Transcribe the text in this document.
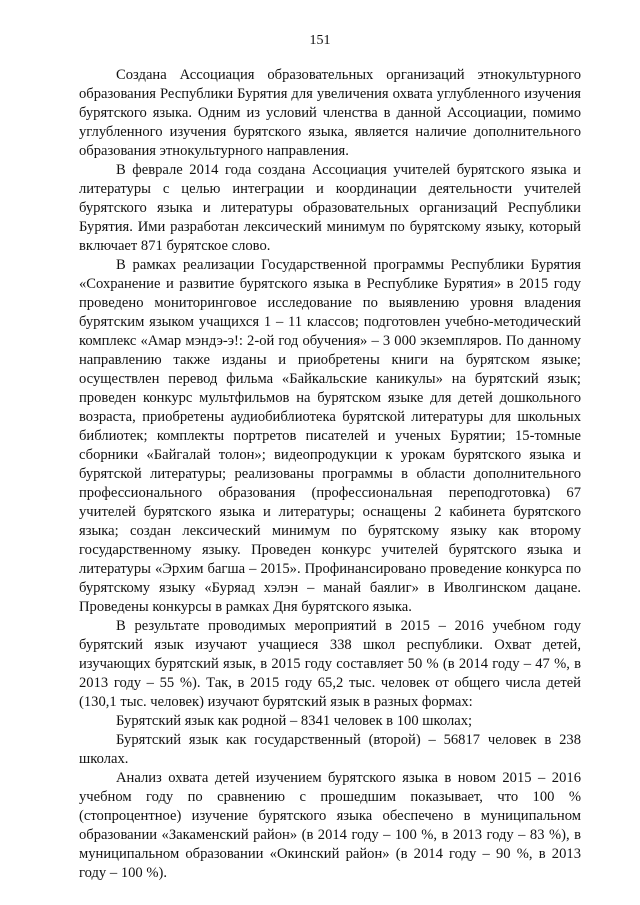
151

Создана Ассоциация образовательных организаций этнокультурного образования Республики Бурятия для увеличения охвата углубленного изучения бурятского языка. Одним из условий членства в данной Ассоциации, помимо углубленного изучения бурятского языка, является наличие дополнительного образования этнокультурного направления.

В феврале 2014 года создана Ассоциация учителей бурятского языка и литературы с целью интеграции и координации деятельности учителей бурятского языка и литературы образовательных организаций Республики Бурятия. Ими разработан лексический минимум по бурятскому языку, который включает 871 бурятское слово.

В рамках реализации Государственной программы Республики Бурятия «Сохранение и развитие бурятского языка в Республике Бурятия» в 2015 году проведено мониторинговое исследование по выявлению уровня владения бурятским языком учащихся 1 – 11 классов; подготовлен учебно-методический комплекс «Амар мэндэ-э!: 2-ой год обучения» – 3 000 экземпляров. По данному направлению также изданы и приобретены книги на бурятском языке; осуществлен перевод фильма «Байкальские каникулы» на бурятский язык; проведен конкурс мультфильмов на бурятском языке для детей дошкольного возраста, приобретены аудиобиблиотека бурятской литературы для школьных библиотек; комплекты портретов писателей и ученых Бурятии; 15-томные сборники «Байгалай толон»; видеопродукции к урокам бурятского языка и бурятской литературы; реализованы программы в области дополнительного профессионального образования (профессиональная переподготовка) 67 учителей бурятского языка и литературы; оснащены 2 кабинета бурятского языка; создан лексический минимум по бурятскому языку как второму государственному языку. Проведен конкурс учителей бурятского языка и литературы «Эрхим багша – 2015». Профинансировано проведение конкурса по бурятскому языку «Буряад хэлэн – манай баялиг» в Иволгинском дацане. Проведены конкурсы в рамках Дня бурятского языка.

В результате проводимых мероприятий в 2015 – 2016 учебном году бурятский язык изучают учащиеся 338 школ республики. Охват детей, изучающих бурятский язык, в 2015 году составляет 50 % (в 2014 году – 47 %, в 2013 году – 55 %). Так, в 2015 году 65,2 тыс. человек от общего числа детей (130,1 тыс. человек) изучают бурятский язык в разных формах:

Бурятский язык как родной – 8341 человек в 100 школах;

Бурятский язык как государственный (второй) – 56817 человек в 238 школах.

Анализ охвата детей изучением бурятского языка в новом 2015 – 2016 учебном году по сравнению с прошедшим показывает, что 100 % (стопроцентное) изучение бурятского языка обеспечено в муниципальном образовании «Закаменский район» (в 2014 году – 100 %, в 2013 году – 83 %), в муниципальном образовании «Окинский район» (в 2014 году – 90 %, в 2013 году – 100 %).
